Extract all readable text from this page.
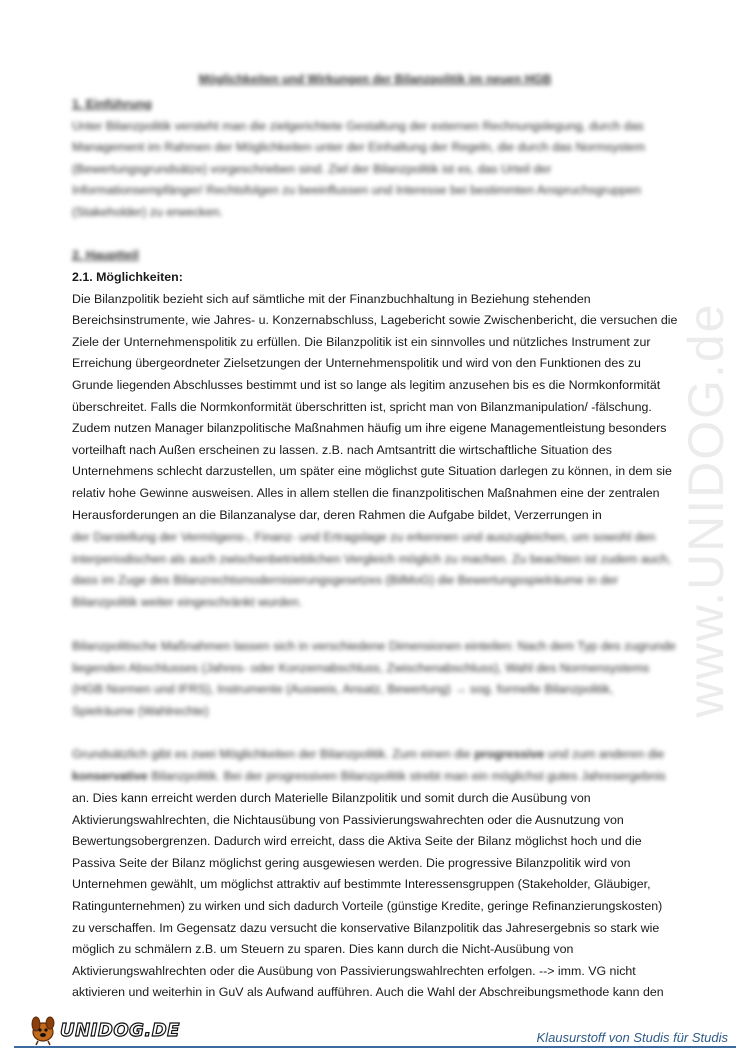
www.UNIDOG.de
Möglichkeiten und Wirkungen der Bilanzpolitik im neuen HGB

1. Einführung

Unter Bilanzpolitik versteht man die zielgerichtete Gestaltung der externen Rechnungslegung, durch das Management im Rahmen der Möglichkeiten unter der Einhaltung der Regeln, die durch das Normsystem (Bewertungsgrundsätze) vorgeschrieben sind. Ziel der Bilanzpolitik ist es, das Urteil der Informationsempfänger/ Rechtsfolgen zu beeinflussen und Interesse bei bestimmten Anspruchsgruppen (Stakeholder) zu erwecken.

2. Hauptteil

2.1. Möglichkeiten:

Die Bilanzpolitik bezieht sich auf sämtliche mit der Finanzbuchhaltung in Beziehung stehenden Bereichsinstrumente, wie Jahres- u. Konzernabschluss, Lagebericht sowie Zwischenbericht, die versuchen die Ziele der Unternehmenspolitik zu erfüllen. Die Bilanzpolitik ist ein sinnvolles und nützliches Instrument zur Erreichung übergeordneter Zielsetzungen der Unternehmenspolitik und wird von den Funktionen des zu Grunde liegenden Abschlusses bestimmt und ist so lange als legitim anzusehen bis es die Normkonformität überschreitet. Falls die Normkonformität überschritten ist, spricht man von Bilanzmanipulation/ -fälschung. Zudem nutzen Manager bilanzpolitische Maßnahmen häufig um ihre eigene Managementleistung besonders vorteilhaft nach Außen erscheinen zu lassen. z.B. nach Amtsantritt die wirtschaftliche Situation des Unternehmens schlecht darzustellen, um später eine möglichst gute Situation darlegen zu können, in dem sie relativ hohe Gewinne ausweisen. Alles in allem stellen die finanzpolitischen Maßnahmen eine der zentralen Herausforderungen an die Bilanzanalyse dar, deren Rahmen die Aufgabe bildet, Verzerrungen in

der Darstellung der Vermögens-, Finanz- und Ertragslage zu erkennen und auszugleichen, um sowohl den interperiodischen als auch zwischenbetrieblichen Vergleich möglich zu machen. Zu beachten ist zudem auch, dass im Zuge des Bilanzrechtsmodernisierungsgesetzes (BilMoG) die Bewertungsspielräume in der Bilanzpolitik weiter eingeschränkt wurden.

Bilanzpolitische Maßnahmen lassen sich in verschiedene Dimensionen einteilen: Nach dem Typ des zugrunde liegenden Abschlusses (Jahres- oder Konzernabschluss, Zwischenabschluss), Wahl des Normensystems (HGB Normen und IFRS), Instrumente (Ausweis, Ansatz, Bewertung) → sog. formelle Bilanzpolitik, Spielräume (Wahlrechte)

Grundsätzlich gibt es zwei Möglichkeiten der Bilanzpolitik. Zum einen die progressive und zum anderen die konservative Bilanzpolitik. Bei der progressiven Bilanzpolitik strebt man ein möglichst gutes Jahresergebnis

an. Dies kann erreicht werden durch Materielle Bilanzpolitik und somit durch die Ausübung von Aktivierungswahlrechten, die Nichtausübung von Passivierungswahrechten oder die Ausnutzung von Bewertungsobergrenzen. Dadurch wird erreicht, dass die Aktiva Seite der Bilanz möglichst hoch und die Passiva Seite der Bilanz möglichst gering ausgewiesen werden. Die progressive Bilanzpolitik wird von Unternehmen gewählt, um möglichst attraktiv auf bestimmte Interessensgruppen (Stakeholder, Gläubiger, Ratingunternehmen) zu wirken und sich dadurch Vorteile (günstige Kredite, geringe Refinanzierungskosten) zu verschaffen. Im Gegensatz dazu versucht die konservative Bilanzpolitik das Jahresergebnis so stark wie möglich zu schmälern z.B. um Steuern zu sparen. Dies kann durch die Nicht-Ausübung von Aktivierungswahlrechten oder die Ausübung von Passivierungswahlrechten erfolgen. --> imm. VG nicht aktivieren und weiterhin in GuV als Aufwand aufführen. Auch die Wahl der Abschreibungsmethode kann den

UNIDOG.DE	Klausurstoff von Studis für Studis
